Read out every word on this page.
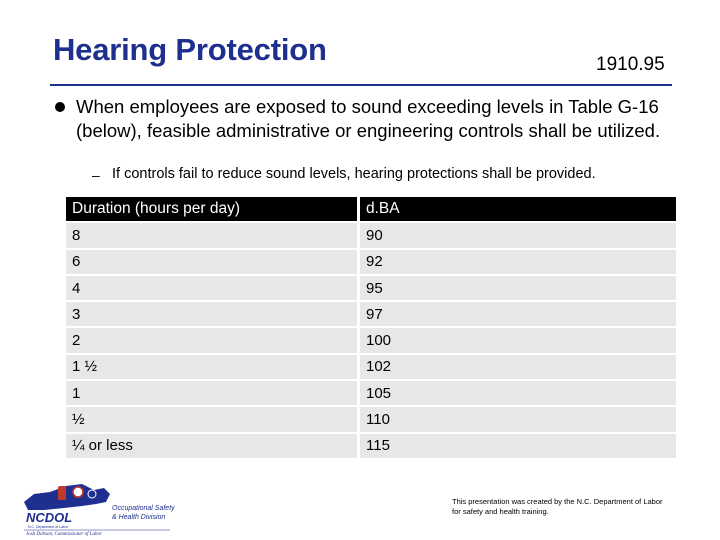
Hearing Protection	1910.95

When employees are exposed to sound exceeding levels in Table G-16 (below), feasible administrative or engineering controls shall be utilized.

– If controls fail to reduce sound levels, hearing protections shall be provided.

Duration (hours per day)	d.BA
8	90
6	92
4	95
3	97
2	100
1 ½	102
1	105
½	110
¼ or less	115
NCDOL
N.C. Department of Labor
Occupational Safety
& Health Division
Josh Dobson, Commissioner of Labor

This presentation was created by the N.C. Department of Labor for safety and health training.
